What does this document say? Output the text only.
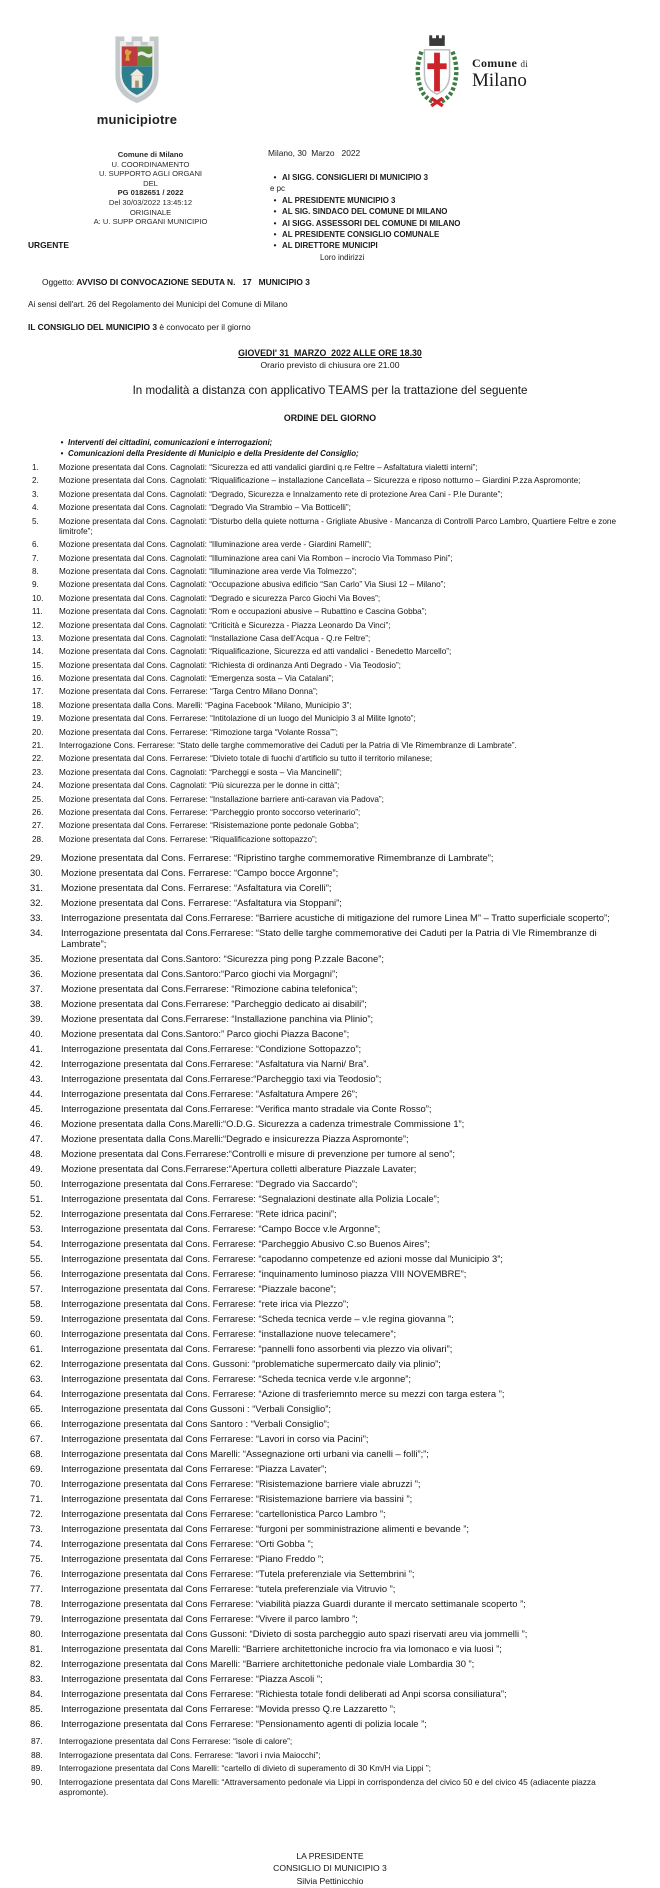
municipiotre
Comune di
Milano
Comune di Milano
U. COORDINAMENTO
U. SUPPORTO AGLI ORGANI
DEL
PG 0182651 / 2022
Del 30/03/2022 13:45:12
ORIGINALE
A: U. SUPP ORGANI MUNICIPIO
Milano, 30  Marzo   2022
• AI SIGG. CONSIGLIERI DI MUNICIPIO 3
e pc
• AL PRESIDENTE MUNICIPIO 3
• AL SIG. SINDACO DEL COMUNE DI MILANO
• AI SIGG. ASSESSORI DEL COMUNE DI MILANO
• AL PRESIDENTE CONSIGLIO COMUNALE
• AL DIRETTORE MUNICIPI
Loro indirizzi
URGENTE

Oggetto: AVVISO DI CONVOCAZIONE SEDUTA N.   17   MUNICIPIO 3

Ai sensi dell'art. 26 del Regolamento dei Municipi del Comune di Milano
IL CONSIGLIO DEL MUNICIPIO 3 è convocato per il giorno
GIOVEDI' 31  MARZO  2022 ALLE ORE 18.30
Orario previsto di chiusura ore 21.00
In modalità a distanza con applicativo TEAMS per la trattazione del seguente
ORDINE DEL GIORNO
• Interventi dei cittadini, comunicazioni e interrogazioni;
• Comunicazioni della Presidente di Municipio e della Presidente del Consiglio;
1.	Mozione presentata dal Cons. Cagnolati: “Sicurezza ed atti vandalici giardini q.re Feltre – Asfaltatura vialetti interni”;
2.	Mozione presentata dal Cons. Cagnolati: “Riqualificazione – installazione Cancellata – Sicurezza e riposo notturno – Giardini P.zza Aspromonte;
3.	Mozione presentata dal Cons. Cagnolati: “Degrado, Sicurezza e Innalzamento rete di protezione Area Cani - P.le Durante”;
4.	Mozione presentata dal Cons. Cagnolati: “Degrado Via Strambio – Via Botticelli”;
5.	Mozione presentata dal Cons. Cagnolati: “Disturbo della quiete notturna - Grigliate Abusive - Mancanza di Controlli Parco Lambro, Quartiere Feltre e zone limitrofe”;
6.	Mozione presentata dal Cons. Cagnolati: “Illuminazione area verde - Giardini Ramelli”;
7.	Mozione presentata dal Cons. Cagnolati: “Illuminazione area cani Via Rombon – incrocio Via Tommaso Pini”;
8.	Mozione presentata dal Cons. Cagnolati: “Illuminazione area verde Via Tolmezzo”;
9.	Mozione presentata dal Cons. Cagnolati: “Occupazione abusiva edificio “San Carlo” Via Siusi 12 – Milano”;
10.	Mozione presentata dal Cons. Cagnolati: “Degrado e sicurezza Parco Giochi Via Boves”;
11.	Mozione presentata dal Cons. Cagnolati: “Rom e occupazioni abusive – Rubattino e Cascina Gobba”;
12.	Mozione presentata dal Cons. Cagnolati: “Criticità e Sicurezza - Piazza Leonardo Da Vinci”;
13.	Mozione presentata dal Cons. Cagnolati: “Installazione Casa dell’Acqua - Q.re Feltre”;
14.	Mozione presentata dal Cons. Cagnolati: “Riqualificazione, Sicurezza ed atti vandalici - Benedetto Marcello”;
15.	Mozione presentata dal Cons. Cagnolati: “Richiesta di ordinanza Anti Degrado - Via Teodosio”;
16.	Mozione presentata dal Cons. Cagnolati: “Emergenza sosta – Via Catalani”;
17.	Mozione presentata dal Cons. Ferrarese: “Targa Centro Milano Donna”;
18.	Mozione presentata dalla Cons. Marelli: “Pagina Facebook “Milano, Municipio 3”;
19.	Mozione presentata dal Cons. Ferrarese: “Intitolazione di un luogo del Municipio 3 al Milite Ignoto”;
20.	Mozione presentata dal Cons. Ferrarese: “Rimozione targa “Volante Rossa””;
21.	Interrogazione Cons. Ferrarese: “Stato delle targhe commemorative dei Caduti per la Patria di Vle Rimembranze di Lambrate”.
22.	Mozione presentata dal Cons. Ferrarese: “Divieto totale di fuochi d’artificio su tutto il territorio milanese;
23.	Mozione presentata dal Cons. Cagnolati: “Parcheggi e sosta – Via Mancinelli”;
24.	Mozione presentata dal Cons. Cagnolati: “Più sicurezza per le donne in città”;
25.	Mozione presentata dal Cons. Ferrarese: “Installazione barriere anti-caravan via Padova”;
26.	Mozione presentata dal Cons. Ferrarese: “Parcheggio pronto soccorso veterinario”;
27.	Mozione presentata dal Cons. Ferrarese: “Risistemazione ponte pedonale Gobba”;
28.	Mozione presentata dal Cons. Ferrarese: “Riqualificazione sottopazzo”;
29.	Mozione presentata dal Cons. Ferrarese: “Ripristino targhe commemorative Rimembranze di Lambrate”;
30.	Mozione presentata dal Cons. Ferrarese: “Campo bocce Argonne”;
31.	Mozione presentata dal Cons. Ferrarese: “Asfaltatura via Corelli”;
32.	Mozione presentata dal Cons. Ferrarese: “Asfaltatura via Stoppani”;
33.	Interrogazione presentata dal Cons.Ferrarese: “Barriere acustiche di mitigazione del rumore Linea M” – Tratto superficiale scoperto”;
34.	Interrogazione presentata dal Cons.Ferrarese: “Stato delle targhe commemorative dei Caduti per la Patria di Vle Rimembranze di Lambrate”;
35.	Mozione presentata dal Cons.Santoro: “Sicurezza ping pong P.zzale Bacone”;
36.	Mozione presentata dal Cons.Santoro:“Parco giochi via Morgagni”;
37.	Mozione presentata dal Cons.Ferrarese: “Rimozione cabina telefonica”;
38.	Mozione presentata dal Cons.Ferrarese: “Parcheggio dedicato ai disabili”;
39.	Mozione presentata dal Cons.Ferrarese: “Installazione panchina via Plinio”;
40.	Mozione presentata dal Cons.Santoro:” Parco giochi Piazza Bacone”;
41.	Interrogazione presentata dal Cons.Ferrarese: “Condizione Sottopazzo”;
42.	Interrogazione presentata dal Cons.Ferrarese: “Asfaltatura via Narni/ Bra”.
43.	Interrogazione presentata dal Cons.Ferrarese:“Parcheggio taxi via Teodosio”;
44.	Interrogazione presentata dal Cons.Ferrarese: “Asfaltatura Ampere 26”;
45.	Interrogazione presentata dal Cons.Ferrarese: “Verifica manto stradale via Conte Rosso”;
46.	Mozione presentata dalla Cons.Marelli:“O.D.G. Sicurezza a cadenza trimestrale Commissione 1”;
47.	Mozione presentata dalla Cons.Marelli:“Degrado e insicurezza Piazza Aspromonte”;
48.	Mozione presentata dal Cons.Ferrarese:“Controlli e misure di prevenzione per tumore al seno”;
49.	Mozione presentata dal Cons.Ferrarese:“Apertura colletti alberature Piazzale Lavater;
50.	Interrogazione presentata dal Cons.Ferrarese: “Degrado via Saccardo”;
51.	Interrogazione presentata dal Cons. Ferrarese: “Segnalazioni destinate alla Polizia Locale”;
52.	Interrogazione presentata dal Cons.Ferrarese: “Rete idrica pacini”;
53.	Interrogazione presentata dal Cons. Ferrarese: “Campo Bocce v.le Argonne”;
54.	Interrogazione presentata dal Cons. Ferrarese: “Parcheggio Abusivo C.so Buenos Aires”;
55.	Interrogazione presentata dal Cons. Ferrarese: “capodanno competenze ed azioni mosse dal Municipio 3”;
56.	Interrogazione presentata dal Cons. Ferrarese: “inquinamento luminoso piazza VIII NOVEMBRE”;
57.	Interrogazione presentata dal Cons. Ferrarese: “Piazzale bacone”;
58.	Interrogazione presentata dal Cons. Ferrarese: “rete irica via Plezzo”;
59.	Interrogazione presentata dal Cons. Ferrarese: “Scheda tecnica verde – v.le regina giovanna ”;
60.	Interrogazione presentata dal Cons. Ferrarese: “installazione nuove telecamere”;
61.	Interrogazione presentata dal Cons. Ferrarese: “pannelli fono assorbenti via plezzo via olivari”;
62.	Interrogazione presentata dal Cons. Gussoni: “problematiche supermercato daily via plinio”;
63.	Interrogazione presentata dal Cons. Ferrarese: “Scheda tecnica verde v.le argonne”;
64.	Interrogazione presentata dal Cons. Ferrarese: “Azione di trasferiemnto merce su mezzi con targa estera ”;
65.	Interrogazione presentata dal Cons Gussoni : “Verbali Consiglio”;
66.	Interrogazione presentata dal Cons Santoro : “Verbali Consiglio”;
67.	Interrogazione presentata dal Cons Ferrarese: “Lavori in corso via Pacini”;
68.	Interrogazione presentata dal Cons Marelli: “Assegnazione orti urbani via canelli – folli”;”;
69.	Interrogazione presentata dal Cons Ferrarese: “Piazza Lavater”;
70.	Interrogazione presentata dal Cons Ferrarese: “Risistemazione barriere viale abruzzi ”;
71.	Interrogazione presentata dal Cons Ferrarese: “Risistemazione barriere via bassini ”;
72.	Interrogazione presentata dal Cons Ferrarese: “cartellonistica Parco Lambro ”;
73.	Interrogazione presentata dal Cons Ferrarese: “furgoni per somministrazione alimenti e bevande ”;
74.	Interrogazione presentata dal Cons Ferrarese: “Orti Gobba ”;
75.	Interrogazione presentata dal Cons Ferrarese: “Piano Freddo ”;
76.	Interrogazione presentata dal Cons Ferrarese: “Tutela preferenziale via Settembrini ”;
77.	Interrogazione presentata dal Cons Ferrarese: “tutela preferenziale via Vitruvio ”;
78.	Interrogazione presentata dal Cons Ferrarese: “viabilità piazza Guardi durante il mercato settimanale scoperto ”;
79.	Interrogazione presentata dal Cons Ferrarese: “Vivere il parco lambro ”;
80.	Interrogazione presentata dal Cons Gussoni: “Divieto di sosta parcheggio auto spazi riservati areu via jommelli ”;
81.	Interrogazione presentata dal Cons Marelli: “Barriere architettoniche incrocio fra via lomonaco e via luosi ”;
82.	Interrogazione presentata dal Cons Marelli: “Barriere architettoniche pedonale viale Lombardia 30 ”;
83.	Interrogazione presentata dal Cons Ferrarese: “Piazza Ascoli ”;
84.	Interrogazione presentata dal Cons Ferrarese: “Richiesta totale fondi deliberati ad Anpi scorsa consiliatura”;
85.	Interrogazione presentata dal Cons Ferrarese: “Movida presso Q.re Lazzaretto ”;
86.	Interrogazione presentata dal Cons Ferrarese: “Pensionamento agenti di polizia locale ”;
87.	Interrogazione presentata dal Cons Ferrarese: “isole di calore”;
88.	Interrogazione presentata dal Cons. Ferrarese: “lavori i nvia Maiocchi”;
89.	Interrogazione presentata dal Cons Marelli: “cartello di divieto di superamento di 30 Km/H via Lippi ”;
90.	Interrogazione presentata dal Cons Marelli: “Attraversamento pedonale via Lippi in corrispondenza del civico 50 e del civico 45 (adiacente piazza aspromonte).
LA PRESIDENTE
CONSIGLIO DI MUNICIPIO 3
Silvia Pettinicchio
